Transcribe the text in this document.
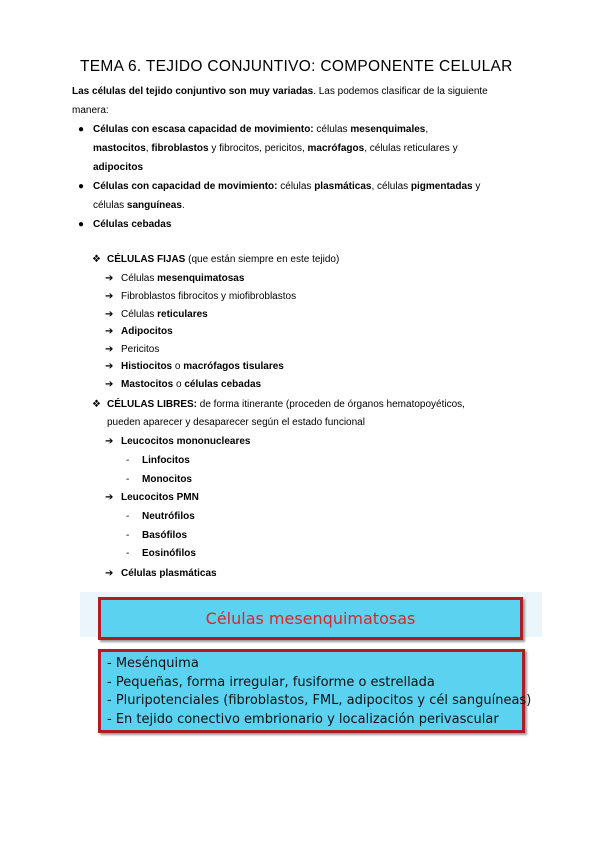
TEMA 6. TEJIDO CONJUNTIVO: COMPONENTE CELULAR
Las células del tejido conjuntivo son muy variadas. Las podemos clasificar de la siguiente
manera:
● Células con escasa capacidad de movimiento: células mesenquimales,
mastocitos, fibroblastos y fibrocitos, pericitos, macrófagos, células reticulares y
adipocitos
● Células con capacidad de movimiento: células plasmáticas, células pigmentadas y
células sanguíneas.
● Células cebadas
❖ CÉLULAS FIJAS (que están siempre en este tejido)
➔ Células mesenquimatosas
➔ Fibroblastos fibrocitos y miofibroblastos
➔ Células reticulares
➔ Adipocitos
➔ Pericitos
➔ Histiocitos o macrófagos tisulares
➔ Mastocitos o células cebadas
❖ CÉLULAS LIBRES: de forma itinerante (proceden de órganos hematopoyéticos,
pueden aparecer y desaparecer según el estado funcional
➔ Leucocitos mononucleares
- Linfocitos
- Monocitos
➔ Leucocitos PMN
- Neutrófilos
- Basófilos
- Eosinófilos
➔ Células plasmáticas
Células mesenquimatosas
- Mesénquima
- Pequeñas, forma irregular, fusiforme o estrellada
- Pluripotenciales (fibroblastos, FML, adipocitos y cél sanguíneas)
- En tejido conectivo embrionario y localización perivascular
